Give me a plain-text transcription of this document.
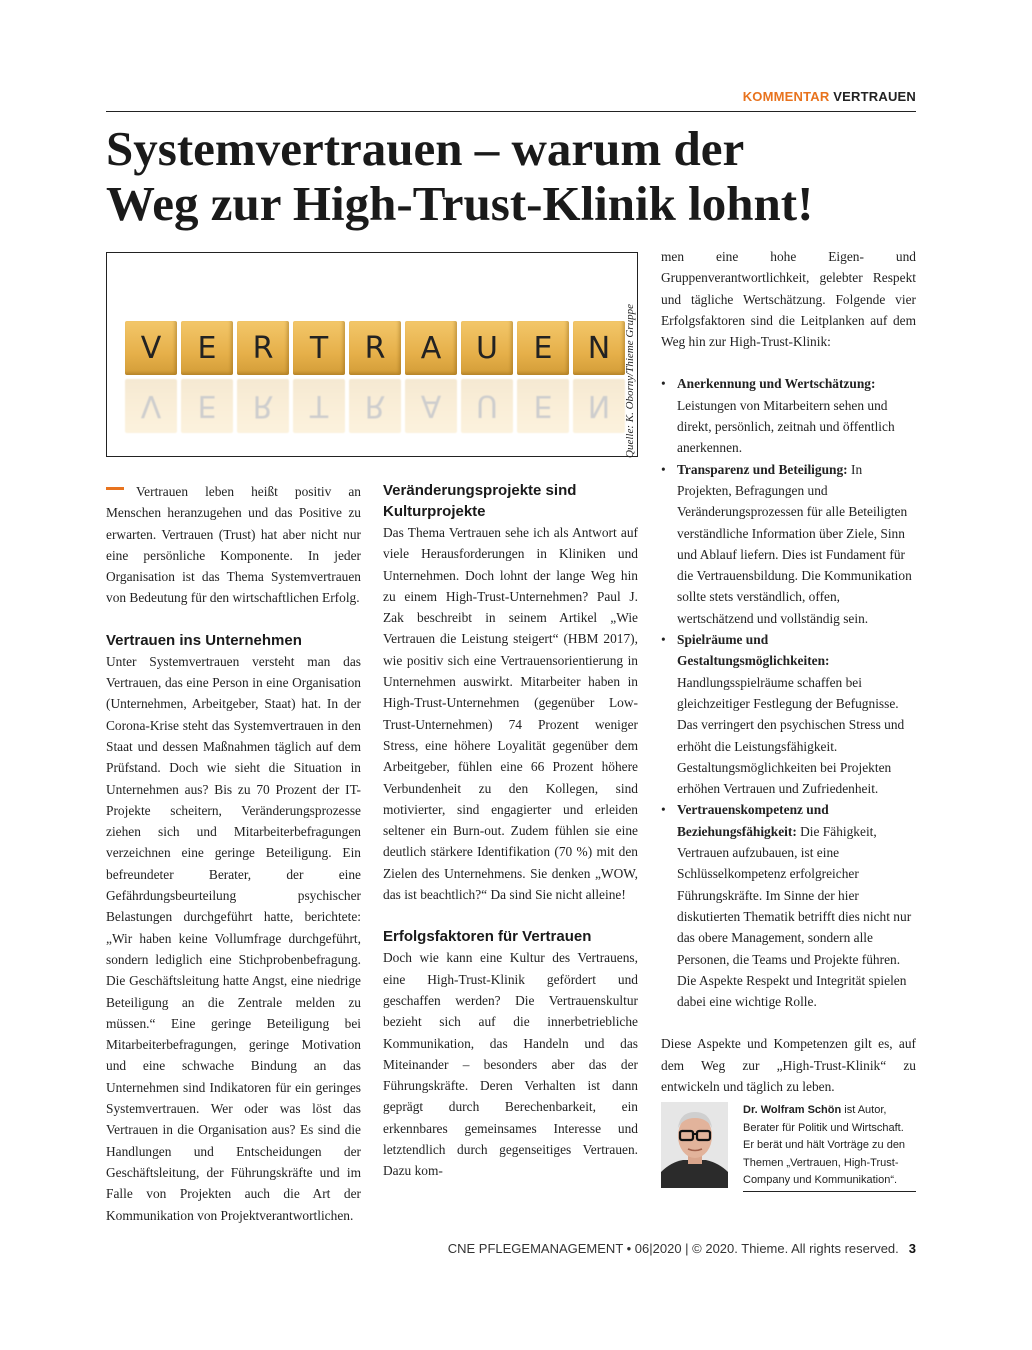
KOMMENTAR VERTRAUEN
Systemvertrauen – warum der
Weg zur High-Trust-Klinik lohnt!
V	E	R	T	R	A	U	E	N
V	E	R	T	R	A	U	E	N	Quelle: K. Oborny/Thieme Gruppe

Vertrauen leben heißt positiv an Menschen heranzugehen und das Positive zu erwarten. Vertrauen (Trust) hat aber nicht nur eine persönliche Komponente. In jeder Organisation ist das Thema Systemvertrauen von Bedeutung für den wirtschaftlichen Erfolg.

Vertrauen ins Unternehmen

Unter Systemvertrauen versteht man das Vertrauen, das eine Person in eine Organisation (Unternehmen, Arbeitgeber, Staat) hat. In der Corona-Krise steht das Systemvertrauen in den Staat und dessen Maßnahmen täglich auf dem Prüfstand. Doch wie sieht die Situation in Unternehmen aus? Bis zu 70 Prozent der IT-Projekte scheitern, Veränderungsprozesse ziehen sich und Mitarbeiterbefragungen verzeichnen eine geringe Beteiligung. Ein befreundeter Berater, der eine Gefährdungsbeurteilung psychischer Belastungen durchgeführt hatte, berichtete: „Wir haben keine Vollumfrage durchgeführt, sondern lediglich eine Stichprobenbefragung. Die Geschäftsleitung hatte Angst, eine niedrige Beteiligung an die Zentrale melden zu müssen.“ Eine geringe Beteiligung bei Mitarbeiterbefragungen, geringe Motivation und eine schwache Bindung an das Unternehmen sind Indikatoren für ein geringes Systemvertrauen. Wer oder was löst das Vertrauen in die Organisation aus? Es sind die Handlungen und Entscheidungen der Geschäftsleitung, der Führungskräfte und im Falle von Projekten auch die Art der Kommunikation von Projektverantwortlichen.

Veränderungsprojekte sind Kulturprojekte

Das Thema Vertrauen sehe ich als Antwort auf viele Herausforderungen in Kliniken und Unternehmen. Doch lohnt der lange Weg hin zu einem High-Trust-Unternehmen? Paul J. Zak beschreibt in seinem Artikel „Wie Vertrauen die Leistung steigert“ (HBM 2017), wie positiv sich eine Vertrauensorientierung in Unternehmen auswirkt. Mitarbeiter haben in High-Trust-Unternehmen (gegenüber Low-Trust-Unternehmen) 74 Prozent weniger Stress, eine höhere Loyalität gegenüber dem Arbeitgeber, fühlen eine 66 Prozent höhere Verbundenheit zu den Kollegen, sind motivierter, sind engagierter und erleiden seltener ein Burn-out. Zudem fühlen sie eine deutlich stärkere Identifikation (70 %) mit den Zielen des Unternehmens. Sie denken „WOW, das ist beachtlich?“ Da sind Sie nicht alleine!

Erfolgsfaktoren für Vertrauen

Doch wie kann eine Kultur des Vertrauens, eine High-Trust-Klinik gefördert und geschaffen werden? Die Vertrauenskultur bezieht sich auf die innerbetriebliche Kommunikation, das Handeln und das Miteinander – besonders aber das der Führungskräfte. Deren Verhalten ist dann geprägt durch Berechenbarkeit, ein erkennbares gemeinsames Interesse und letztendlich durch gegenseitiges Vertrauen. Dazu kom-

men eine hohe Eigen- und Gruppenverantwortlichkeit, gelebter Respekt und tägliche Wertschätzung. Folgende vier Erfolgsfaktoren sind die Leitplanken auf dem Weg hin zur High-Trust-Klinik:

• Anerkennung und Wertschätzung: Leistungen von Mitarbeitern sehen und direkt, persönlich, zeitnah und öffentlich anerkennen.
• Transparenz und Beteiligung: In Projekten, Befragungen und Veränderungsprozessen für alle Beteiligten verständliche Information über Ziele, Sinn und Ablauf liefern. Dies ist Fundament für die Vertrauensbildung. Die Kommunikation sollte stets verständlich, offen, wertschätzend und vollständig sein.
• Spielräume und Gestaltungsmöglichkeiten: Handlungsspielräume schaffen bei gleichzeitiger Festlegung der Befugnisse. Das verringert den psychischen Stress und erhöht die Leistungsfähigkeit. Gestaltungsmöglichkeiten bei Projekten erhöhen Vertrauen und Zufriedenheit.
• Vertrauenskompetenz und Beziehungsfähigkeit: Die Fähigkeit, Vertrauen aufzubauen, ist eine Schlüsselkompetenz erfolgreicher Führungskräfte. Im Sinne der hier diskutierten Thematik betrifft dies nicht nur das obere Management, sondern alle Personen, die Teams und Projekte führen. Die Aspekte Respekt und Integrität spielen dabei eine wichtige Rolle.

Diese Aspekte und Kompetenzen gilt es, auf dem Weg zur „High-Trust-Klinik“ zu entwickeln und täglich zu leben.

Dr. Wolfram Schön ist Autor, Berater für Politik und Wirtschaft. Er berät und hält Vorträge zu den Themen „Vertrauen, High-Trust-Company und Kommunikation“.
CNE PFLEGEMANAGEMENT • 06|2020 | © 2020. Thieme. All rights reserved. 3
